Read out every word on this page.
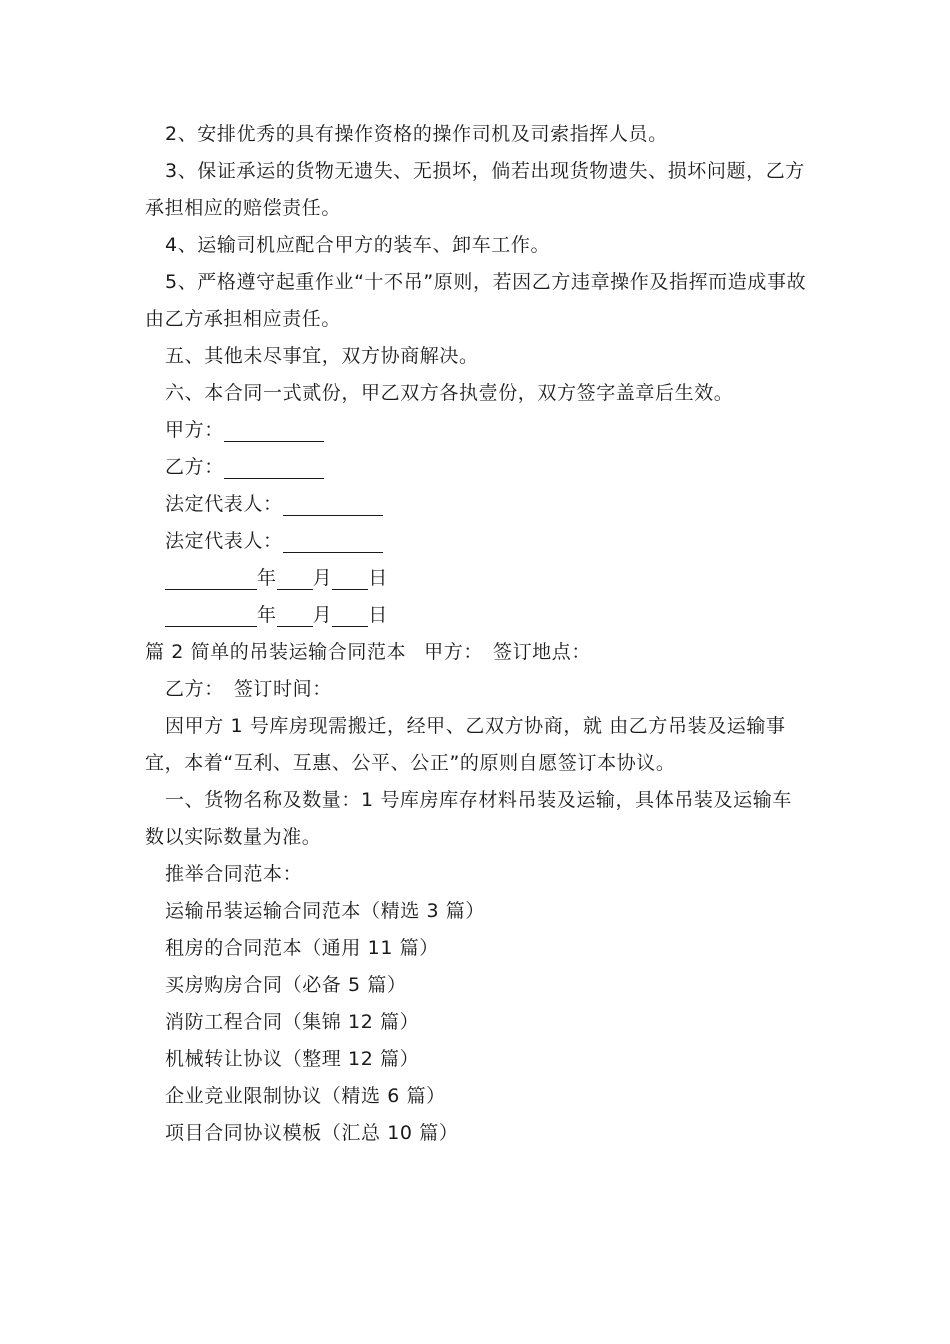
2、安排优秀的具有操作资格的操作司机及司索指挥人员。

3、保证承运的货物无遗失、无损坏，倘若出现货物遗失、损坏问题，乙方承担相应的赔偿责任。

4、运输司机应配合甲方的装车、卸车工作。

5、严格遵守起重作业“十不吊”原则，若因乙方违章操作及指挥而造成事故由乙方承担相应责任。

五、其他未尽事宜，双方协商解决。

六、本合同一式贰份，甲乙双方各执壹份，双方签字盖章后生效。

甲方：

乙方：

法定代表人：

法定代表人：

年 月 日

年 月 日

篇 2 简单的吊装运输合同范本 甲方： 签订地点：

乙方： 签订时间：

因甲方 1 号库房现需搬迁，经甲、乙双方协商，就 由乙方吊装及运输事宜，本着“互利、互惠、公平、公正”的原则自愿签订本协议。

一、货物名称及数量：1 号库房库存材料吊装及运输，具体吊装及运输车数以实际数量为准。

推举合同范本：

运输吊装运输合同范本（精选 3 篇）

租房的合同范本（通用 11 篇）

买房购房合同（必备 5 篇）

消防工程合同（集锦 12 篇）

机械转让协议（整理 12 篇）

企业竞业限制协议（精选 6 篇）

项目合同协议模板（汇总 10 篇）
